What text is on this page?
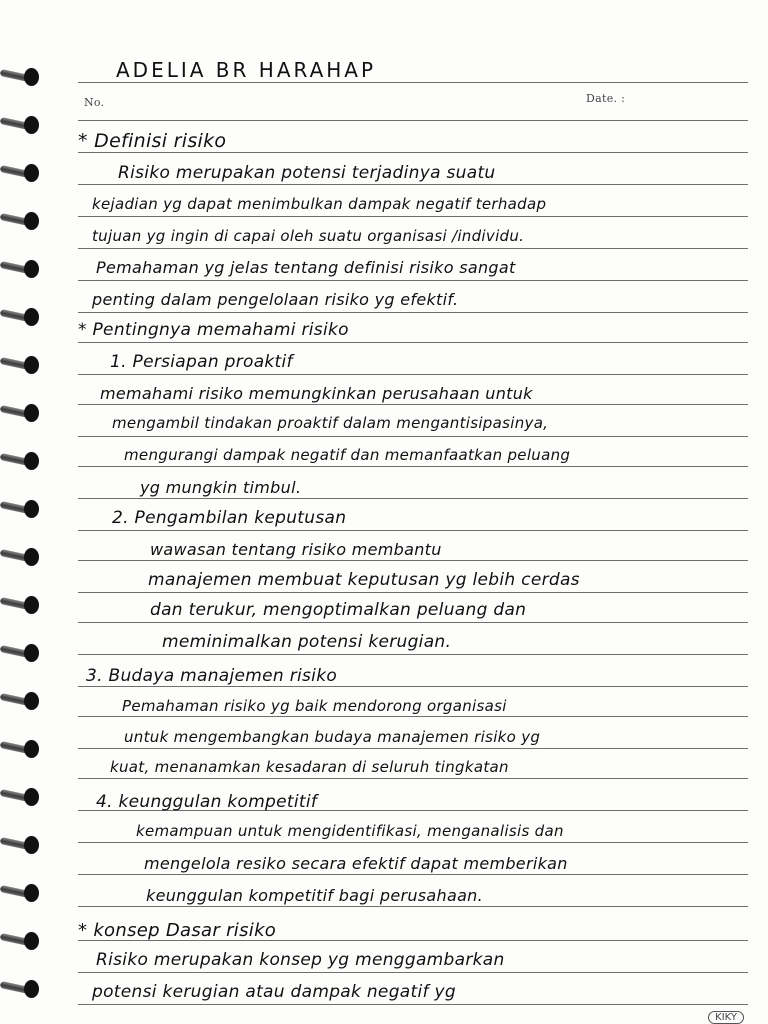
ADELIA BR HARAHAP
No.	Date. :
* Definisi risiko
Risiko merupakan potensi terjadinya suatu
kejadian yg dapat menimbulkan dampak negatif terhadap
tujuan yg ingin di capai oleh suatu organisasi /individu.
Pemahaman yg jelas tentang definisi risiko sangat
penting dalam pengelolaan risiko yg efektif.
* Pentingnya memahami risiko
1. Persiapan proaktif
memahami risiko memungkinkan perusahaan untuk
mengambil tindakan proaktif dalam mengantisipasinya,
mengurangi dampak negatif dan memanfaatkan peluang
yg mungkin timbul.
2. Pengambilan keputusan
wawasan tentang risiko membantu
manajemen membuat keputusan yg lebih cerdas
dan terukur, mengoptimalkan peluang dan
meminimalkan potensi kerugian.
3. Budaya manajemen risiko
Pemahaman risiko yg baik mendorong organisasi
untuk mengembangkan budaya manajemen risiko yg
kuat, menanamkan kesadaran di seluruh tingkatan
4. keunggulan kompetitif
kemampuan untuk mengidentifikasi, menganalisis dan
mengelola resiko secara efektif dapat memberikan
keunggulan kompetitif bagi perusahaan.
* konsep Dasar risiko
Risiko merupakan konsep yg menggambarkan
potensi kerugian atau dampak negatif yg
KIKY
